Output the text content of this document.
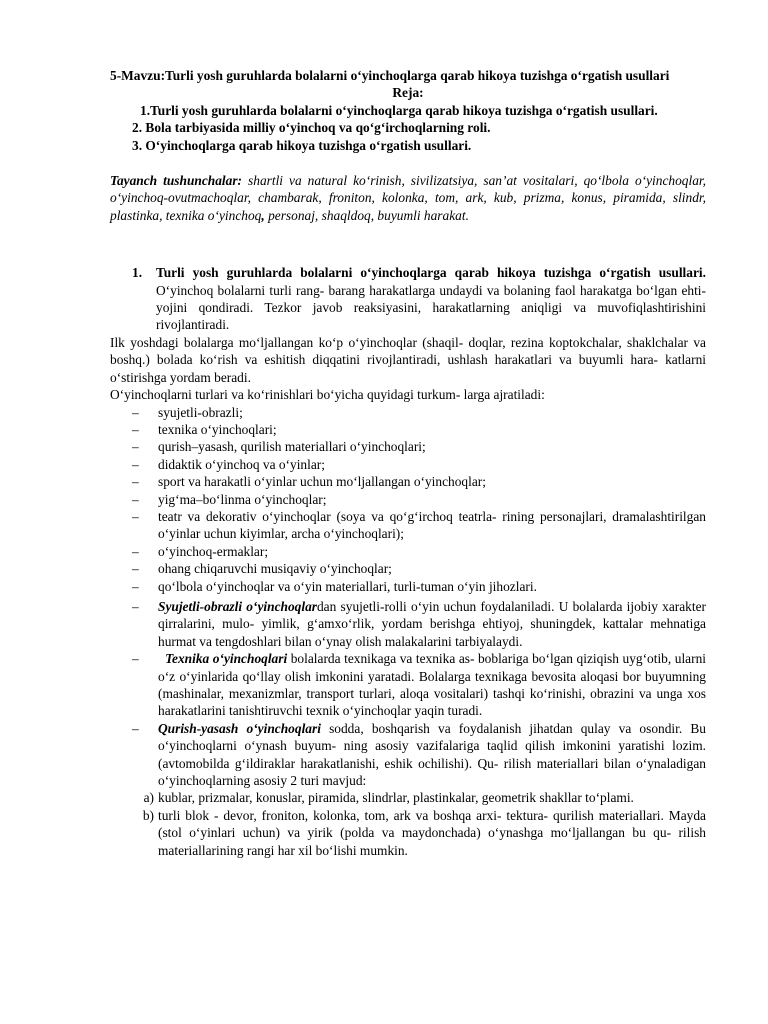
5-Mavzu:Turli yosh guruhlarda bolalarni o‘yinchoqlarga qarab hikoya tuzishga o‘rgatish usullari

Reja:

1.Turli yosh guruhlarda bolalarni o‘yinchoqlarga qarab hikoya tuzishga o‘rgatish usullari.

2. Bola tarbiyasida milliy o‘yinchoq va qo‘g‘irchoqlarning roli.

3. O‘yinchoqlarga qarab hikoya tuzishga o‘rgatish usullari.

Tayanch tushunchalar: shartli va natural ko‘rinish, sivilizatsiya, san’at vositalari, qo‘lbola o‘yinchoqlar, o‘yinchoq-ovutmachoqlar, chambarak, froniton, kolonka, tom, ark, kub, prizma, konus, piramida, slindr, plastinka, texnika o‘yinchoq, personaj, shaqldoq, buyumli harakat.

1.	Turli yosh guruhlarda bolalarni o‘yinchoqlarga qarab hikoya tuzishga o‘rgatish usullari. O‘yinchoq bolalarni turli rang- barang harakatlarga undaydi va bolaning faol harakatga bo‘lgan ehti- yojini qondiradi. Tezkor javob reaksiyasini, harakatlarning aniqligi va muvofiqlashtirishini rivojlantiradi.

Ilk yoshdagi bolalarga mo‘ljallangan ko‘p o‘yinchoqlar (shaqil- doqlar, rezina koptokchalar, shaklchalar va boshq.) bolada ko‘rish va eshitish diqqatini rivojlantiradi, ushlash harakatlari va buyumli hara- katlarni o‘stirishga yordam beradi.

O‘yinchoqlarni turlari va ko‘rinishlari bo‘yicha quyidagi turkum- larga ajratiladi:

–	syujetli-obrazli;
–	texnika o‘yinchoqlari;
–	qurish–yasash, qurilish materiallari o‘yinchoqlari;
–	didaktik o‘yinchoq va o‘yinlar;
–	sport va harakatli o‘yinlar uchun mo‘ljallangan o‘yinchoqlar;
–	yig‘ma–bo‘linma o‘yinchoqlar;
–	teatr va dekorativ o‘yinchoqlar (soya va qo‘g‘irchoq teatrla- rining personajlari, dramalashtirilgan o‘yinlar uchun kiyimlar, archa o‘yinchoqlari);
–	o‘yinchoq-ermaklar;
–	ohang chiqaruvchi musiqaviy o‘yinchoqlar;
–	qo‘lbola o‘yinchoqlar va o‘yin materiallari, turli-tuman o‘yin jihozlari.
–	Syujetli-obrazli o‘yinchoqlardan syujetli-rolli o‘yin uchun foydalaniladi. U bolalarda ijobiy xarakter qirralarini, mulo- yimlik, g‘amxo‘rlik, yordam berishga ehtiyoj, shuningdek, kattalar mehnatiga hurmat va tengdoshlari bilan o‘ynay olish malakalarini tarbiyalaydi.
–	Texnika o‘yinchoqlari bolalarda texnikaga va texnika as- boblariga bo‘lgan qiziqish uyg‘otib, ularni o‘z o‘yinlarida qo‘llay olish imkonini yaratadi. Bolalarga texnikaga bevosita aloqasi bor buyumning (mashinalar, mexanizmlar, transport turlari, aloqa vositalari) tashqi ko‘rinishi, obrazini va unga xos harakatlarini tanishtiruvchi texnik o‘yinchoqlar yaqin turadi.
–	Qurish-yasash o‘yinchoqlari sodda, boshqarish va foydalanish jihatdan qulay va osondir. Bu o‘yinchoqlarni o‘ynash buyum- ning asosiy vazifalariga taqlid qilish imkonini yaratishi lozim. (avtomobilda g‘ildiraklar harakatlanishi, eshik ochilishi). Qu- rilish materiallari bilan o‘ynaladigan o‘yinchoqlarning asosiy 2 turi mavjud:
a) kublar, prizmalar, konuslar, piramida, slindrlar, plastinkalar, geometrik shakllar to‘plami.
b) turli blok - devor, froniton, kolonka, tom, ark va boshqa arxi- tektura- qurilish materiallari. Mayda (stol o‘yinlari uchun) va yirik (polda va maydonchada) o‘ynashga mo‘ljallangan bu qu- rilish materiallarining rangi har xil bo‘lishi mumkin.
